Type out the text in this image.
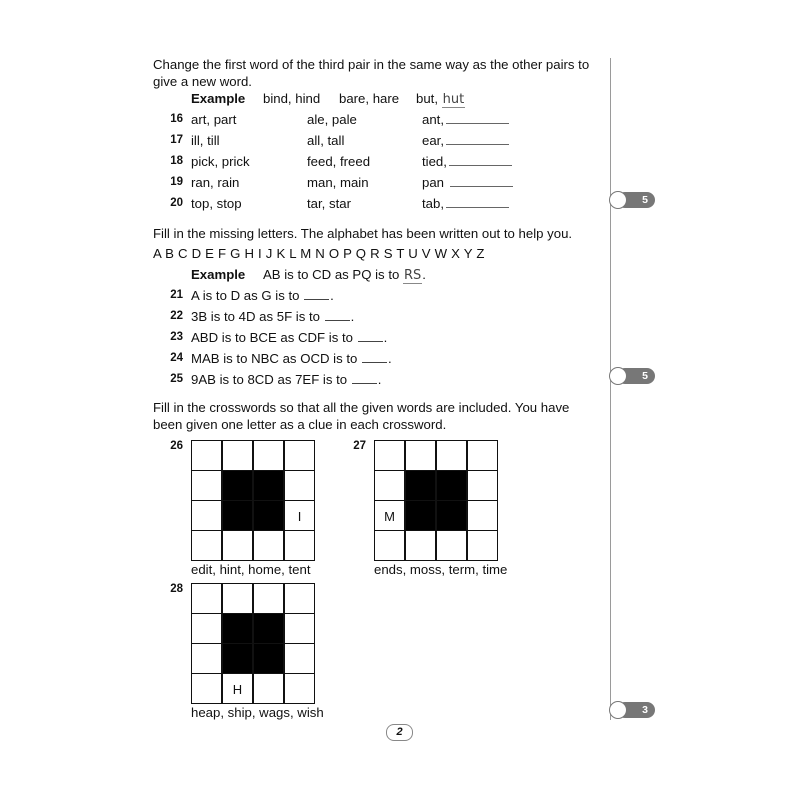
Change the first word of the third pair in the same way as the other pairs to give a new word.
Example bind, hind bare, hare but, hut
16 art, part	ale, pale	ant,
17 ill, till	all, tall	ear,
18 pick, prick	feed, freed	tied,
19 ran, rain	man, main	pan
20 top, stop	tar, star	tab,
Fill in the missing letters. The alphabet has been written out to help you.
A B C D E F G H I J K L M N O P Q R S T U V W X Y Z
Example AB is to CD as PQ is to RS.
21 A is to D as G is to .
22 3B is to 4D as 5F is to .
23 ABD is to BCE as CDF is to .
24 MAB is to NBC as OCD is to .
25 9AB is to 8CD as 7EF is to .
Fill in the crosswords so that all the given words are included. You have been given one letter as a clue in each crossword.
26
I
edit, hint, home, tent
27
M
ends, moss, term, time
28
H
heap, ship, wags, wish
5
5
3
2
